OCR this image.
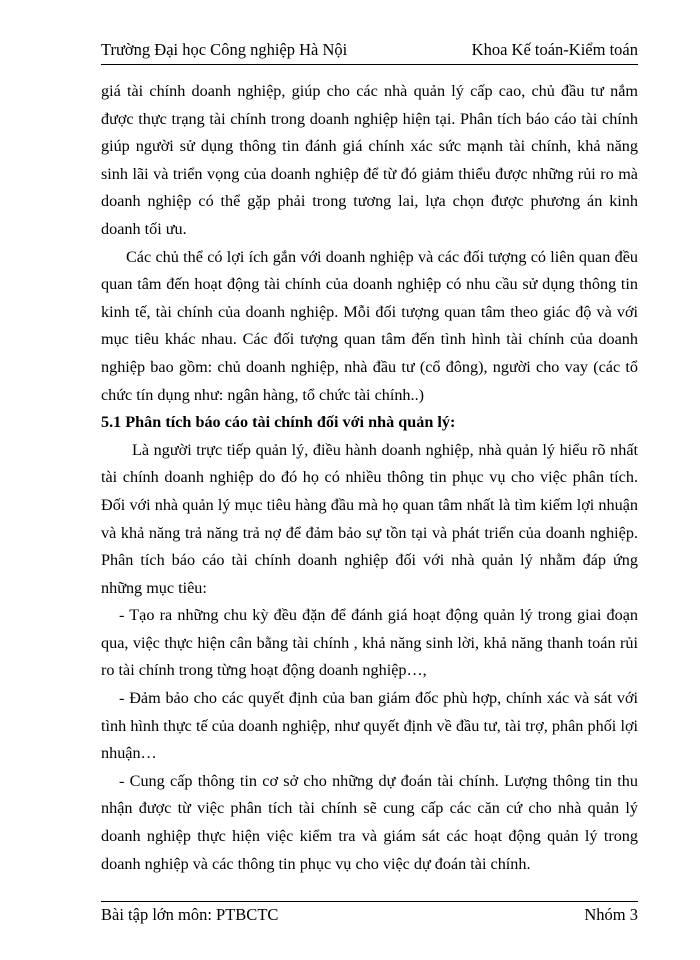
Trường Đại học Công nghiệp Hà Nội	Khoa Kế toán-Kiểm toán

giá tài chính doanh nghiệp, giúp cho các nhà quản lý cấp cao, chủ đầu tư nắm được thực trạng tài chính trong doanh nghiệp hiện tại. Phân tích báo cáo tài chính giúp người sử dụng thông tin đánh giá chính xác sức mạnh tài chính, khả năng sinh lãi và triển vọng của doanh nghiệp để từ đó giảm thiểu được những rủi ro mà doanh nghiệp có thể gặp phải trong tương lai, lựa chọn được phương án kinh doanh tối ưu.

Các chủ thể có lợi ích gắn với doanh nghiệp và các đối tượng có liên quan đều quan tâm đến hoạt động tài chính của doanh nghiệp có nhu cầu sử dụng thông tin kinh tế, tài chính của doanh nghiệp. Mỗi đối tượng quan tâm theo giác độ và với mục tiêu khác nhau. Các đối tượng quan tâm đến tình hình tài chính của doanh nghiệp bao gồm: chủ doanh nghiệp, nhà đầu tư (cổ đông), người cho vay (các tổ chức tín dụng như: ngân hàng, tổ chức tài chính..)

5.1 Phân tích báo cáo tài chính đối với nhà quản lý:

Là người trực tiếp quản lý, điều hành doanh nghiệp, nhà quản lý hiểu rõ nhất tài chính doanh nghiệp do đó họ có nhiều thông tin phục vụ cho việc phân tích. Đối với nhà quản lý mục tiêu hàng đầu mà họ quan tâm nhất là tìm kiếm lợi nhuận và khả năng trả năng trả nợ để đảm bảo sự tồn tại và phát triển của doanh nghiệp. Phân tích báo cáo tài chính doanh nghiệp đối với nhà quản lý nhằm đáp ứng những mục tiêu:

- Tạo ra những chu kỳ đều đặn để đánh giá hoạt động quản lý trong giai đoạn qua, việc thực hiện cân bằng tài chính , khả năng sinh lời, khả năng thanh toán rủi ro tài chính trong từng hoạt động doanh nghiệp…,

- Đảm bảo cho các quyết định của ban giám đốc phù hợp, chính xác và sát với tình hình thực tế của doanh nghiệp, như quyết định về đầu tư, tài trợ, phân phối lợi nhuận…

- Cung cấp thông tin cơ sở cho những dự đoán tài chính. Lượng thông tin thu nhận được từ việc phân tích tài chính sẽ cung cấp các căn cứ cho nhà quản lý doanh nghiệp thực hiện việc kiểm tra và giám sát các hoạt động quản lý trong doanh nghiệp và các thông tin phục vụ cho việc dự đoán tài chính.

Bài tập lớn môn: PTBCTC	Nhóm 3
